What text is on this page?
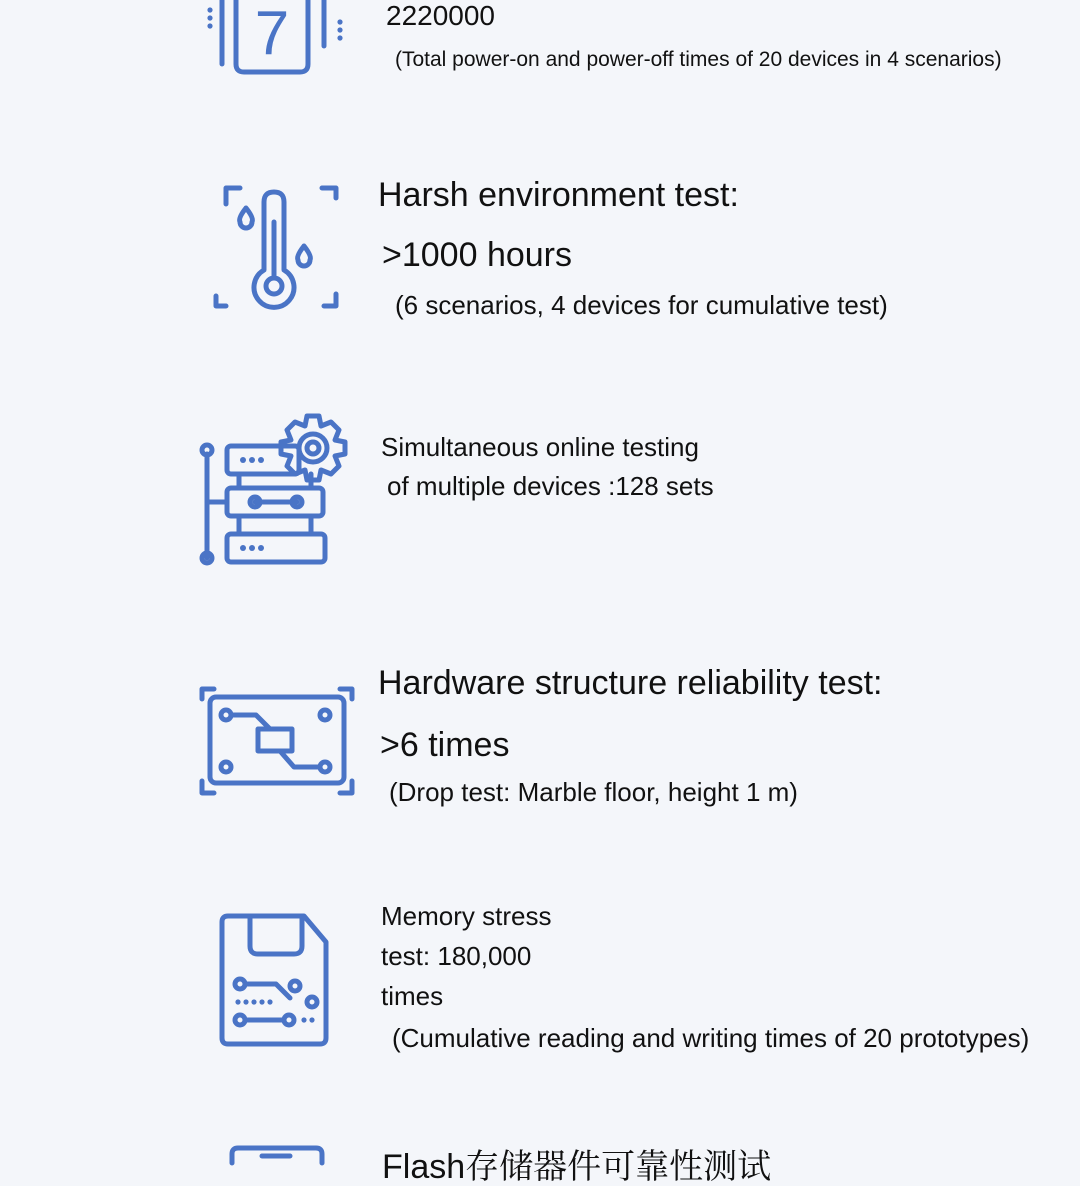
7	2220000

(Total power-on and power-off times of 20 devices in 4 scenarios)

Harsh environment test:

>1000 hours

(6 scenarios, 4 devices for cumulative test)

Simultaneous online testing

of multiple devices :128 sets

Hardware structure reliability test:

>6 times

(Drop test: Marble floor, height 1 m)

Memory stress

test: 180,000

times

(Cumulative reading and writing times of 20 prototypes)

Flash存储器件可靠性测试
